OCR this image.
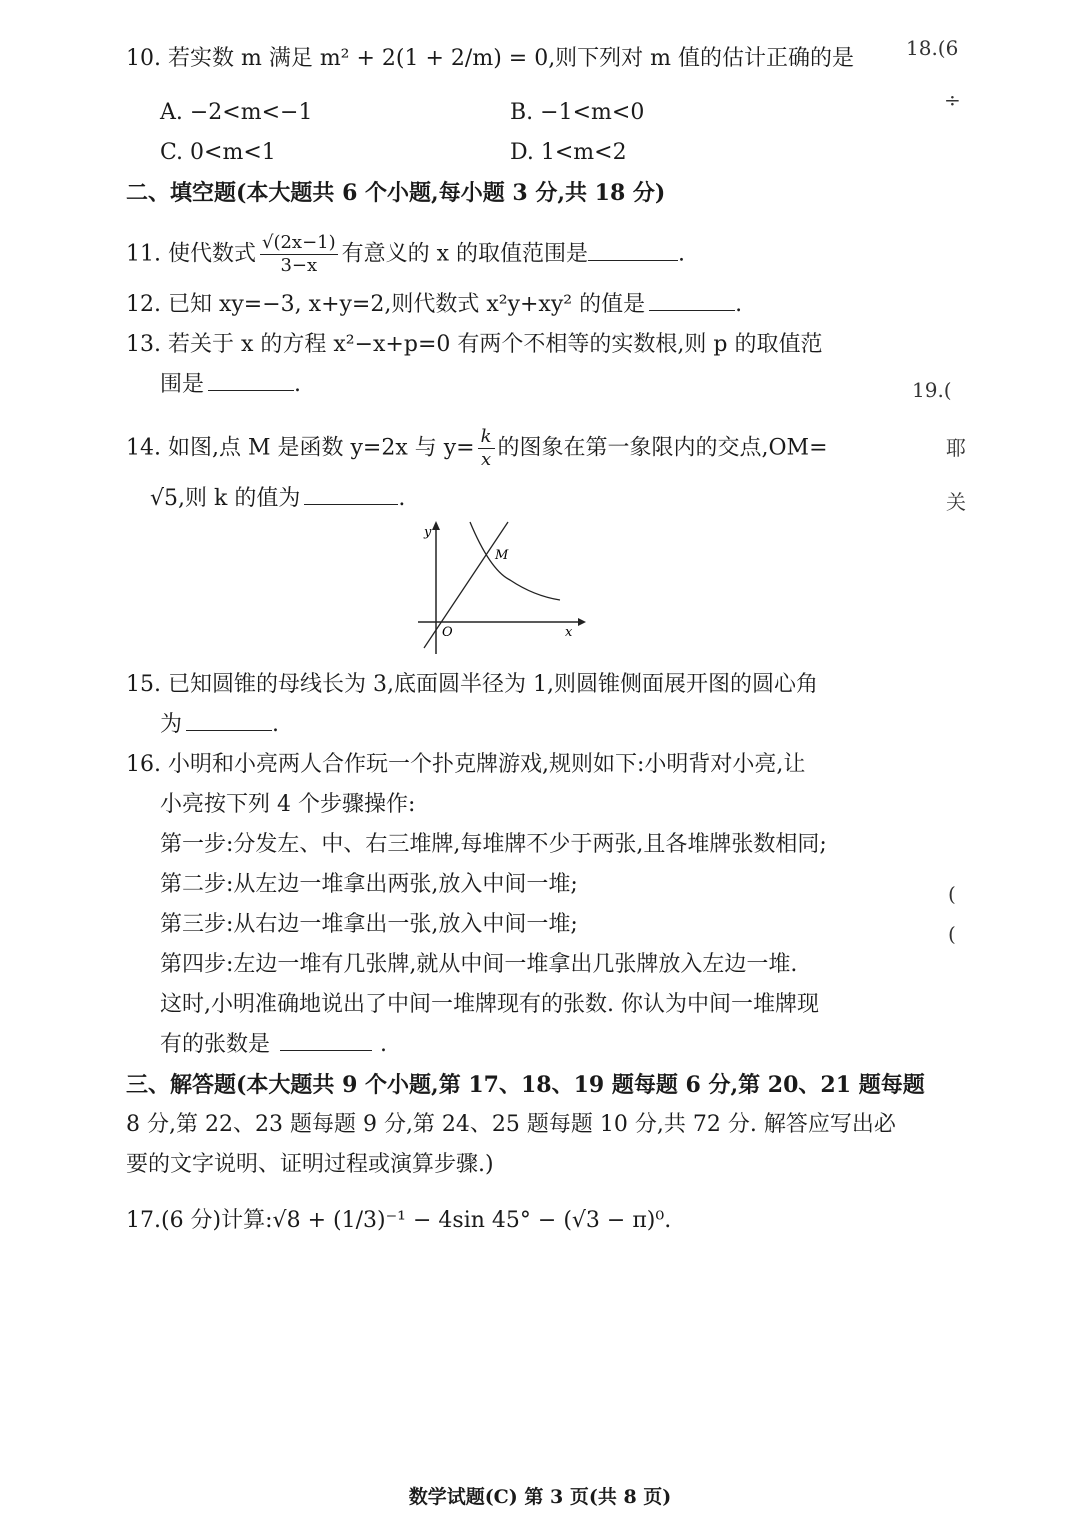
18.(6
÷
19.(
耶
关
(
(
10. 若实数 m 满足 m² + 2(1 + 2/m) = 0,则下列对 m 值的估计正确的是
A. −2<m<−1	B. −1<m<0
C. 0<m<1	D. 1<m<2
二、填空题(本大题共 6 个小题,每小题 3 分,共 18 分)
11. 使代数式 $\frac{√(2x-1)}{3-x}$ 有意义的 x 的取值范围是	.
12. 已知 xy=−3, x+y=2,则代数式 x²y+xy² 的值是	.
13. 若关于 x 的方程 x²−x+p=0 有两个不相等的实数根,则 p 的取值范
围是	.
14. 如图,点 M 是函数 y=2x 与 $y= \frac{k}{x}$ 的图象在第一象限内的交点,OM=
√5,则 k 的值为	.
y
x
O
M
15. 已知圆锥的母线长为 3,底面圆半径为 1,则圆锥侧面展开图的圆心角
为	.
16. 小明和小亮两人合作玩一个扑克牌游戏,规则如下:小明背对小亮,让
小亮按下列 4 个步骤操作:
第一步:分发左、中、右三堆牌,每堆牌不少于两张,且各堆牌张数相同;
第二步:从左边一堆拿出两张,放入中间一堆;
第三步:从右边一堆拿出一张,放入中间一堆;
第四步:左边一堆有几张牌,就从中间一堆拿出几张牌放入左边一堆.
这时,小明准确地说出了中间一堆牌现有的张数. 你认为中间一堆牌现
有的张数是	.
三、解答题(本大题共 9 个小题,第 17、18、19 题每题 6 分,第 20、21 题每题
8 分,第 22、23 题每题 9 分,第 24、25 题每题 10 分,共 72 分. 解答应写出必
要的文字说明、证明过程或演算步骤.)
17.(6 分)计算:√8 + (1/3)⁻¹ − 4sin 45° − (√3 − π)⁰.
数学试题(C) 第 3 页(共 8 页)
